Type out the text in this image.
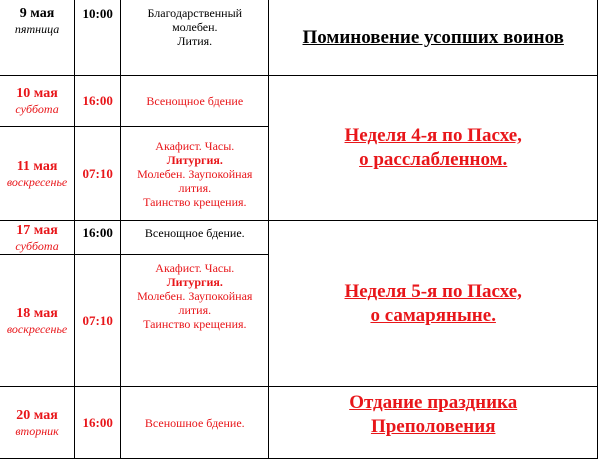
9 мая
пятница	10:00	Благодарственный
молебен.
Лития.	Поминовение усопших воинов

10 мая
суббота	16:00	Всенощное бдение	Неделя 4-я по Пасхе,
о расслабленном.

11 мая
воскресенье	07:10	Акафист. Часы.
Литургия.
Молебен. Заупокойная
лития.
Таинство крещения.	

17 мая
суббота	16:00	Всенощное бдение.	Неделя 5-я по Пасхе,
о самаряныне.

18 мая
воскресенье	07:10	Акафист. Часы.
Литургия.
Молебен. Заупокойная
лития.
Таинство крещения.	

20 мая
вторник	16:00	Всеношное бдение.	Отдание праздника
Преполовения
